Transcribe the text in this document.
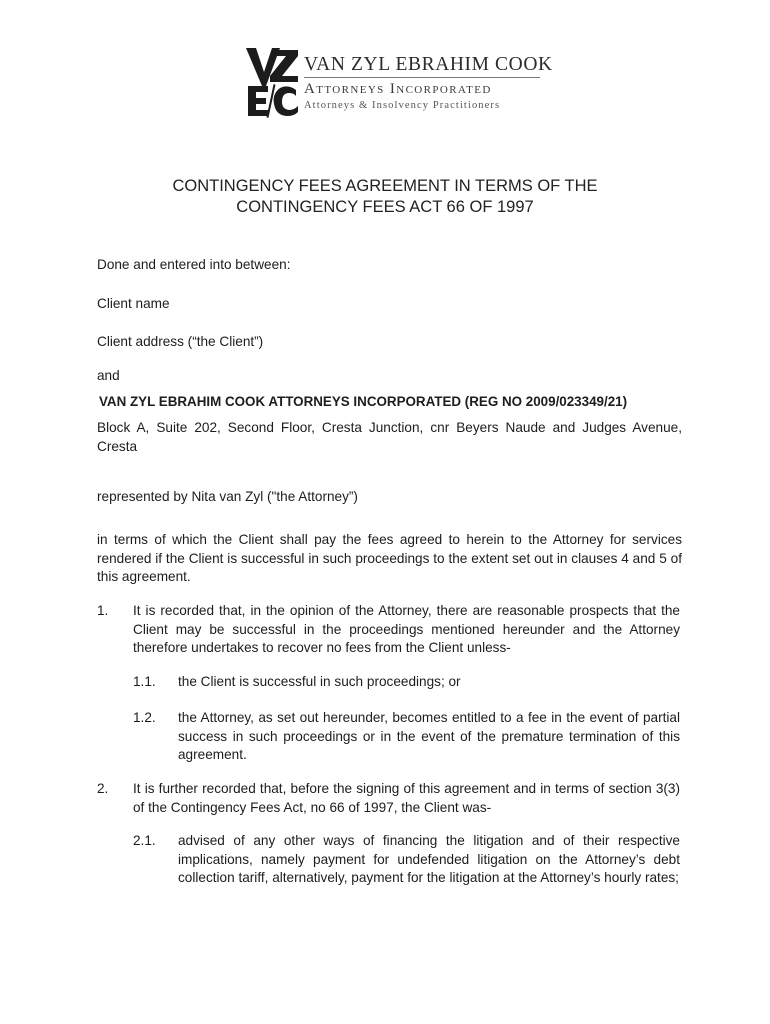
VAN ZYL EBRAHIM COOK
Attorneys Incorporated
Attorneys & Insolvency Practitioners
CONTINGENCY FEES AGREEMENT IN TERMS OF THE
CONTINGENCY FEES ACT 66 OF 1997
Done and entered into between:
Client name
Client address (“the Client”)
and
VAN ZYL EBRAHIM COOK ATTORNEYS INCORPORATED (REG NO 2009/023349/21)
Block A, Suite 202, Second Floor, Cresta Junction, cnr Beyers Naude and Judges Avenue, Cresta
represented by Nita van Zyl ("the Attorney”)
in terms of which the Client shall pay the fees agreed to herein to the Attorney for services rendered if the Client is successful in such proceedings to the extent set out in clauses 4 and 5 of this agreement.
1. It is recorded that, in the opinion of the Attorney, there are reasonable prospects that the Client may be successful in the proceedings mentioned hereunder and the Attorney therefore undertakes to recover no fees from the Client unless-
1.1. the Client is successful in such proceedings; or
1.2. the Attorney, as set out hereunder, becomes entitled to a fee in the event of partial success in such proceedings or in the event of the premature termination of this agreement.
2. It is further recorded that, before the signing of this agreement and in terms of section 3(3) of the Contingency Fees Act, no 66 of 1997, the Client was-
2.1. advised of any other ways of financing the litigation and of their respective implications, namely payment for undefended litigation on the Attorney’s debt collection tariff, alternatively, payment for the litigation at the Attorney’s hourly rates;
